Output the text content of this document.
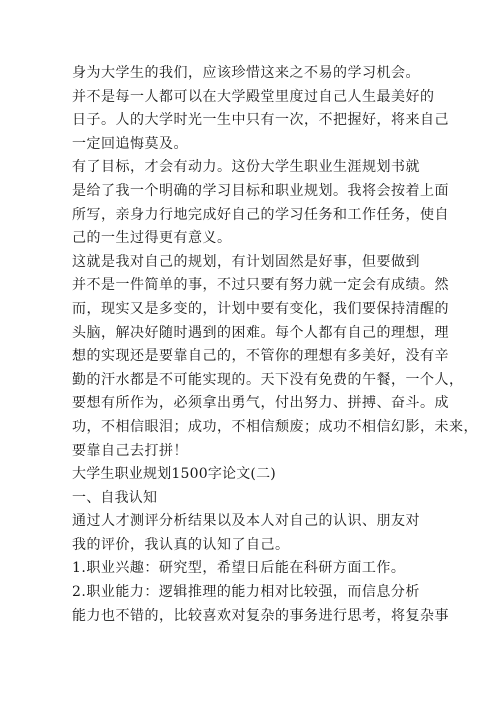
身为大学生的我们，应该珍惜这来之不易的学习机会。

并不是每一人都可以在大学殿堂里度过自己人生最美好的

日子。人的大学时光一生中只有一次，不把握好，将来自己

一定回追悔莫及。

有了目标，才会有动力。这份大学生职业生涯规划书就

是给了我一个明确的学习目标和职业规划。我将会按着上面

所写，亲身力行地完成好自己的学习任务和工作任务，使自

己的一生过得更有意义。

这就是我对自己的规划，有计划固然是好事，但要做到

并不是一件简单的事，不过只要有努力就一定会有成绩。然

而，现实又是多变的，计划中要有变化，我们要保持清醒的

头脑，解决好随时遇到的困难。每个人都有自己的理想，理

想的实现还是要靠自己的，不管你的理想有多美好，没有辛

勤的汗水都是不可能实现的。天下没有免费的午餐，一个人，

要想有所作为，必须拿出勇气，付出努力、拼搏、奋斗。成

功，不相信眼泪；成功，不相信颓废；成功不相信幻影，未来，

要靠自己去打拼！

大学生职业规划1500字论文(二)

一、自我认知

通过人才测评分析结果以及本人对自己的认识、朋友对

我的评价，我认真的认知了自己。

1.职业兴趣：研究型，希望日后能在科研方面工作。

2.职业能力：逻辑推理的能力相对比较强，而信息分析

能力也不错的，比较喜欢对复杂的事务进行思考，将复杂事
